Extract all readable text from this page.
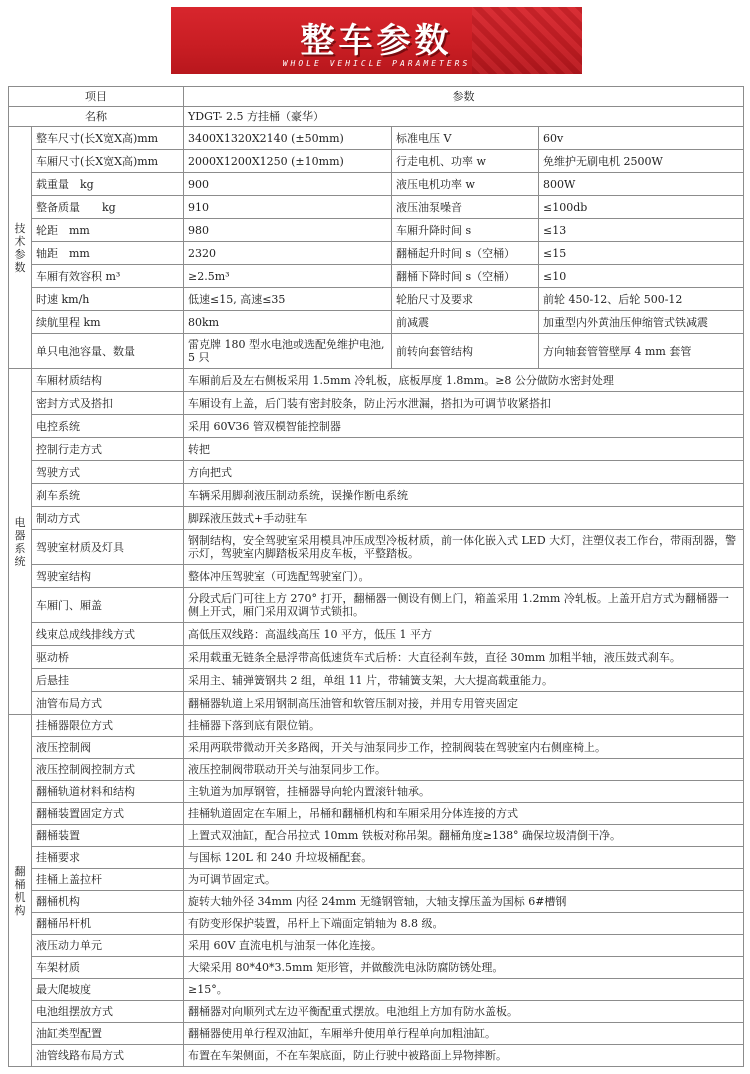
整车参数
WHOLE VEHICLE PARAMETERS
项目		参数		
名称		YDGT- 2.5 方挂桶（豪华）		
技术参数	整车尺寸(长X宽X高)mm	3400X1320X2140 (±50mm)	标准电压 V	60v
	车厢尺寸(长X宽X高)mm	2000X1200X1250 (±10mm)	行走电机、功率 w	免维护无刷电机 2500W
	载重量　kg	900	液压电机功率 w	800W
	整备质量　　kg	910	液压油泵噪音	≤100db
	轮距　mm	980	车厢升降时间 s	≤13
	轴距　mm	2320	翻桶起升时间 s（空桶）	≤15
	车厢有效容积 m³	≥2.5m³	翻桶下降时间 s（空桶）	≤10
	时速 km/h	低速≤15, 高速≤35	轮胎尺寸及要求	前轮 450-12、后轮 500-12
	续航里程 km	80km	前减震	加重型内外黄油压伸缩管式铁减震
	单只电池容量、数量	雷克牌 180 型水电池或选配免维护电池, 5 只	前转向套管结构	方向轴套管管壁厚 4 mm 套管
电器系统	车厢材质结构	车厢前后及左右侧板采用 1.5mm 冷轧板，底板厚度 1.8mm。≥8 公分做防水密封处理		
	密封方式及搭扣	车厢设有上盖，后门装有密封胶条，防止污水泄漏，搭扣为可调节收紧搭扣		
	电控系统	采用 60V36 管双模智能控制器		
	控制行走方式	转把		
	驾驶方式	方向把式		
	刹车系统	车辆采用脚刹液压制动系统，误操作断电系统		
	制动方式	脚踩液压鼓式+手动驻车		
	驾驶室材质及灯具	钢制结构，安全驾驶室采用模具冲压成型冷板材质，前一体化嵌入式 LED 大灯，注塑仪表工作台，带雨刮器，警示灯，驾驶室内脚踏板采用皮车板，平整踏板。		
	驾驶室结构	整体冲压驾驶室（可选配驾驶室门）。		
	车厢门、厢盖	分段式后门可往上方 270° 打开，翻桶器一侧设有侧上门，箱盖采用 1.2mm 冷轧板。上盖开启方式为翻桶器一侧上开式，厢门采用双调节式锁扣。		
	线束总成线排线方式	高低压双线路：高温线高压 10 平方，低压 1 平方		
	驱动桥	采用载重无链条全悬浮带高低速货车式后桥：大直径刹车鼓，直径 30mm 加粗半轴，液压鼓式刹车。		
	后悬挂	采用主、辅弹簧钢共 2 组，单组 11 片，带辅簧支架，大大提高载重能力。		
	油管布局方式	翻桶器轨道上采用钢制高压油管和软管压制对接，并用专用管夹固定		
翻桶机构	挂桶器限位方式	挂桶器下落到底有限位销。		
	液压控制阀	采用两联带微动开关多路阀，开关与油泵同步工作，控制阀装在驾驶室内右侧座椅上。		
	液压控制阀控制方式	液压控制阀带联动开关与油泵同步工作。		
	翻桶轨道材料和结构	主轨道为加厚钢管，挂桶器导向轮内置滚针轴承。		
	翻桶装置固定方式	挂桶轨道固定在车厢上，吊桶和翻桶机构和车厢采用分体连接的方式		
	翻桶装置	上置式双油缸，配合吊拉式 10mm 铁板对称吊架。翻桶角度≥138° 确保垃圾清倒干净。		
	挂桶要求	与国标 120L 和 240 升垃圾桶配套。		
	挂桶上盖拉杆	为可调节固定式。		
	翻桶机构	旋转大轴外径 34mm 内径 24mm 无缝钢管轴，大轴支撑压盖为国标 6#槽钢		
	翻桶吊杆机	有防变形保护装置，吊杆上下端面定销轴为 8.8 级。		
	液压动力单元	采用 60V 直流电机与油泵一体化连接。		
	车架材质	大梁采用 80*40*3.5mm 矩形管，并做酸洗电泳防腐防锈处理。		
	最大爬坡度	≥15°。		
	电池组摆放方式	翻桶器对向顺列式左边平衡配重式摆放。电池组上方加有防水盖板。		
	油缸类型配置	翻桶器使用单行程双油缸，车厢举升使用单行程单向加粗油缸。		
	油管线路布局方式	布置在车架侧面，不在车架底面，防止行驶中被路面上异物摔断。		
